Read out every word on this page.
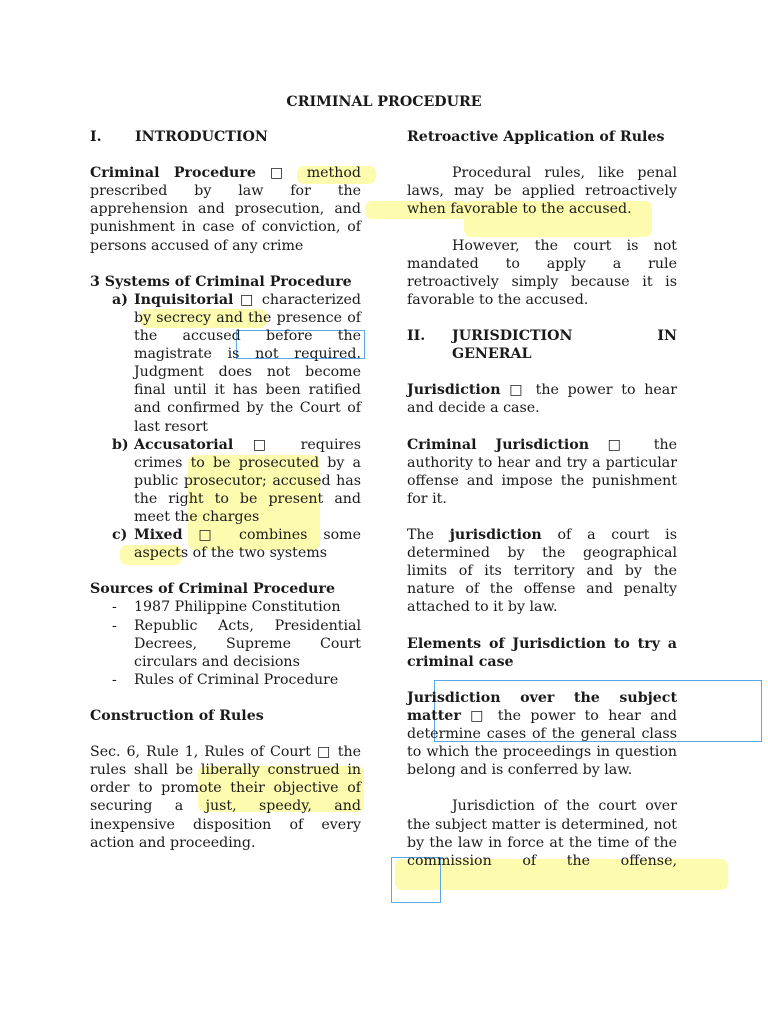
CRIMINAL PROCEDURE
I.	INTRODUCTION

Criminal Procedure □ method prescribed by law for the apprehension and prosecution, and punishment in case of conviction, of persons accused of any crime

3 Systems of Criminal Procedure

a) Inquisitorial □ characterized by secrecy and the presence of the accused before the magistrate is not required. Judgment does not become final until it has been ratified and confirmed by the Court of last resort

b) Accusatorial □ requires crimes to be prosecuted by a public prosecutor; accused has the right to be present and meet the charges

c) Mixed □ combines some aspects of the two systems

Sources of Criminal Procedure

-	1987 Philippine Constitution

-	Republic Acts, Presidential Decrees, Supreme Court circulars and decisions

-	Rules of Criminal Procedure

Construction of Rules

Sec. 6, Rule 1, Rules of Court □ the rules shall be liberally construed in order to promote their objective of securing a just, speedy, and inexpensive disposition of every action and proceeding.

Retroactive Application of Rules

Procedural rules, like penal laws, may be applied retroactively when favorable to the accused.

However, the court is not mandated to apply a rule retroactively simply because it is favorable to the accused.

II.	JURISDICTION IN GENERAL

Jurisdiction □ the power to hear and decide a case.

Criminal Jurisdiction □ the authority to hear and try a particular offense and impose the punishment for it.

The jurisdiction of a court is determined by the geographical limits of its territory and by the nature of the offense and penalty attached to it by law.

Elements of Jurisdiction to try a criminal case

Jurisdiction over the subject matter □ the power to hear and determine cases of the general class to which the proceedings in question belong and is conferred by law.

Jurisdiction of the court over the subject matter is determined, not by the law in force at the time of the commission of the offense,
